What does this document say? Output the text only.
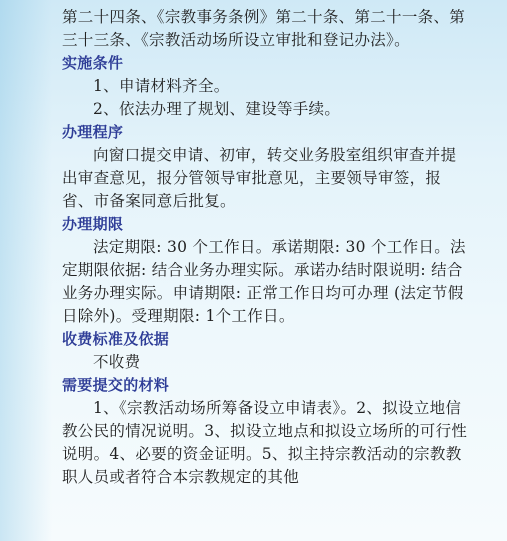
第二十四条、《宗教事务条例》第二十条、第二十一条、第三十三条、《宗教活动场所设立审批和登记办法》。

实施条件

1、申请材料齐全。

2、依法办理了规划、建设等手续。

办理程序

向窗口提交申请、初审，转交业务股室组织审查并提出审查意见，报分管领导审批意见，主要领导审签，报省、市备案同意后批复。

办理期限

法定期限: 30 个工作日。承诺期限: 30 个工作日。法定期限依据: 结合业务办理实际。承诺办结时限说明: 结合业务办理实际。申请期限: 正常工作日均可办理 (法定节假日除外)。受理期限: 1个工作日。

收费标准及依据

不收费

需要提交的材料

1、《宗教活动场所筹备设立申请表》。2、拟设立地信教公民的情况说明。3、拟设立地点和拟设立场所的可行性说明。4、必要的资金证明。5、拟主持宗教活动的宗教教职人员或者符合本宗教规定的其他
